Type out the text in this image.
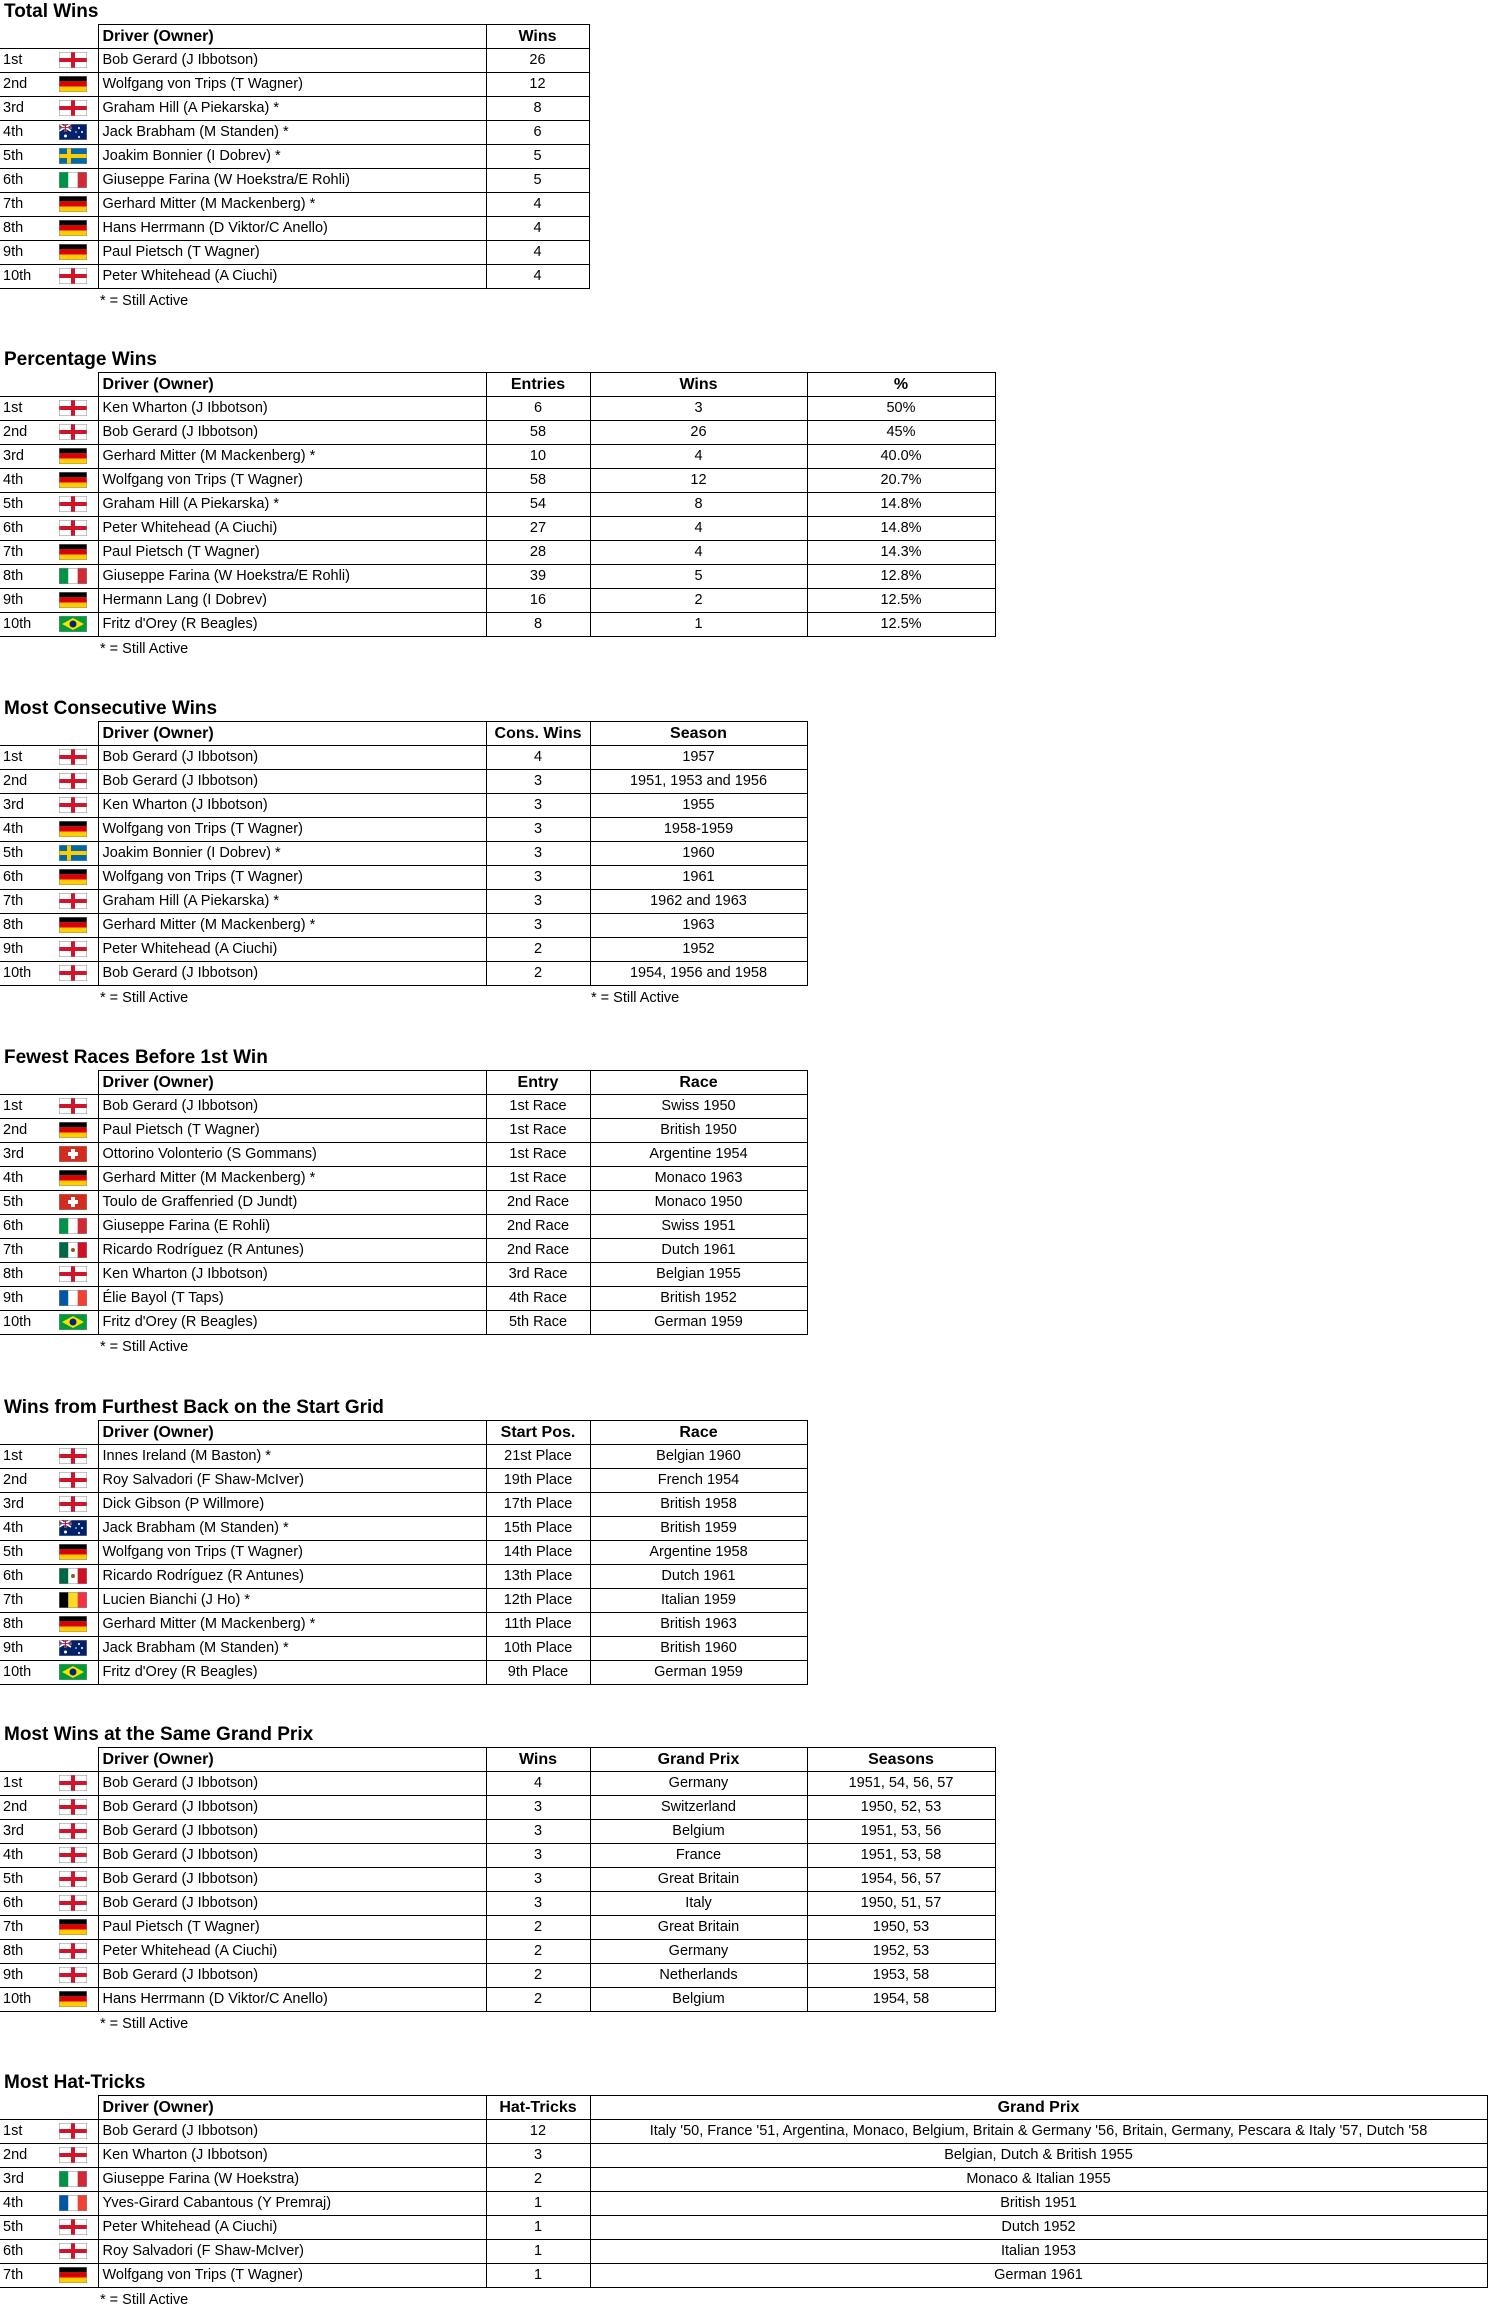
Total Wins
		Driver (Owner)	Wins
1st		Bob Gerard (J Ibbotson)	26
2nd		Wolfgang von Trips (T Wagner)	12
3rd		Graham Hill (A Piekarska) *	8
4th		Jack Brabham (M Standen) *	6
5th		Joakim Bonnier (I Dobrev) *	5
6th		Giuseppe Farina (W Hoekstra/E Rohli)	5
7th		Gerhard Mitter (M Mackenberg) *	4
8th		Hans Herrmann (D Viktor/C Anello)	4
9th		Paul Pietsch (T Wagner)	4
10th		Peter Whitehead (A Ciuchi)	4
* = Still Active
Percentage Wins
		Driver (Owner)	Entries	Wins	%
1st		Ken Wharton (J Ibbotson)	6	3	50%
2nd		Bob Gerard (J Ibbotson)	58	26	45%
3rd		Gerhard Mitter (M Mackenberg) *	10	4	40.0%
4th		Wolfgang von Trips (T Wagner)	58	12	20.7%
5th		Graham Hill (A Piekarska) *	54	8	14.8%
6th		Peter Whitehead (A Ciuchi)	27	4	14.8%
7th		Paul Pietsch (T Wagner)	28	4	14.3%
8th		Giuseppe Farina (W Hoekstra/E Rohli)	39	5	12.8%
9th		Hermann Lang (I Dobrev)	16	2	12.5%
10th		Fritz d'Orey (R Beagles)	8	1	12.5%
* = Still Active
Most Consecutive Wins
		Driver (Owner)	Cons. Wins	Season
1st		Bob Gerard (J Ibbotson)	4	1957
2nd		Bob Gerard (J Ibbotson)	3	1951, 1953 and 1956
3rd		Ken Wharton (J Ibbotson)	3	1955
4th		Wolfgang von Trips (T Wagner)	3	1958-1959
5th		Joakim Bonnier (I Dobrev) *	3	1960
6th		Wolfgang von Trips (T Wagner)	3	1961
7th		Graham Hill (A Piekarska) *	3	1962 and 1963
8th		Gerhard Mitter (M Mackenberg) *	3	1963
9th		Peter Whitehead (A Ciuchi)	2	1952
10th		Bob Gerard (J Ibbotson)	2	1954, 1956 and 1958
* = Still Active	* = Still Active
Fewest Races Before 1st Win
		Driver (Owner)	Entry	Race
1st		Bob Gerard (J Ibbotson)	1st Race	Swiss 1950
2nd		Paul Pietsch (T Wagner)	1st Race	British 1950
3rd		Ottorino Volonterio (S Gommans)	1st Race	Argentine 1954
4th		Gerhard Mitter (M Mackenberg) *	1st Race	Monaco 1963
5th		Toulo de Graffenried (D Jundt)	2nd Race	Monaco 1950
6th		Giuseppe Farina (E Rohli)	2nd Race	Swiss 1951
7th		Ricardo Rodríguez (R Antunes)	2nd Race	Dutch 1961
8th		Ken Wharton (J Ibbotson)	3rd Race	Belgian 1955
9th		Élie Bayol (T Taps)	4th Race	British 1952
10th		Fritz d'Orey (R Beagles)	5th Race	German 1959
* = Still Active
Wins from Furthest Back on the Start Grid
		Driver (Owner)	Start Pos.	Race
1st		Innes Ireland (M Baston) *	21st Place	Belgian 1960
2nd		Roy Salvadori (F Shaw-McIver)	19th Place	French 1954
3rd		Dick Gibson (P Willmore)	17th Place	British 1958
4th		Jack Brabham (M Standen) *	15th Place	British 1959
5th		Wolfgang von Trips (T Wagner)	14th Place	Argentine 1958
6th		Ricardo Rodríguez (R Antunes)	13th Place	Dutch 1961
7th		Lucien Bianchi (J Ho) *	12th Place	Italian 1959
8th		Gerhard Mitter (M Mackenberg) *	11th Place	British 1963
9th		Jack Brabham (M Standen) *	10th Place	British 1960
10th		Fritz d'Orey (R Beagles)	9th Place	German 1959
Most Wins at the Same Grand Prix
		Driver (Owner)	Wins	Grand Prix	Seasons
1st		Bob Gerard (J Ibbotson)	4	Germany	1951, 54, 56, 57
2nd		Bob Gerard (J Ibbotson)	3	Switzerland	1950, 52, 53
3rd		Bob Gerard (J Ibbotson)	3	Belgium	1951, 53, 56
4th		Bob Gerard (J Ibbotson)	3	France	1951, 53, 58
5th		Bob Gerard (J Ibbotson)	3	Great Britain	1954, 56, 57
6th		Bob Gerard (J Ibbotson)	3	Italy	1950, 51, 57
7th		Paul Pietsch (T Wagner)	2	Great Britain	1950, 53
8th		Peter Whitehead (A Ciuchi)	2	Germany	1952, 53
9th		Bob Gerard (J Ibbotson)	2	Netherlands	1953, 58
10th		Hans Herrmann (D Viktor/C Anello)	2	Belgium	1954, 58
* = Still Active
Most Hat-Tricks
		Driver (Owner)	Hat-Tricks	Grand Prix
1st		Bob Gerard (J Ibbotson)	12	Italy '50, France '51, Argentina, Monaco, Belgium, Britain & Germany '56, Britain, Germany, Pescara & Italy '57, Dutch '58
2nd		Ken Wharton (J Ibbotson)	3	Belgian, Dutch & British 1955
3rd		Giuseppe Farina (W Hoekstra)	2	Monaco & Italian 1955
4th		Yves-Girard Cabantous (Y Premraj)	1	British 1951
5th		Peter Whitehead (A Ciuchi)	1	Dutch 1952
6th		Roy Salvadori (F Shaw-McIver)	1	Italian 1953
7th		Wolfgang von Trips (T Wagner)	1	German 1961
* = Still Active
